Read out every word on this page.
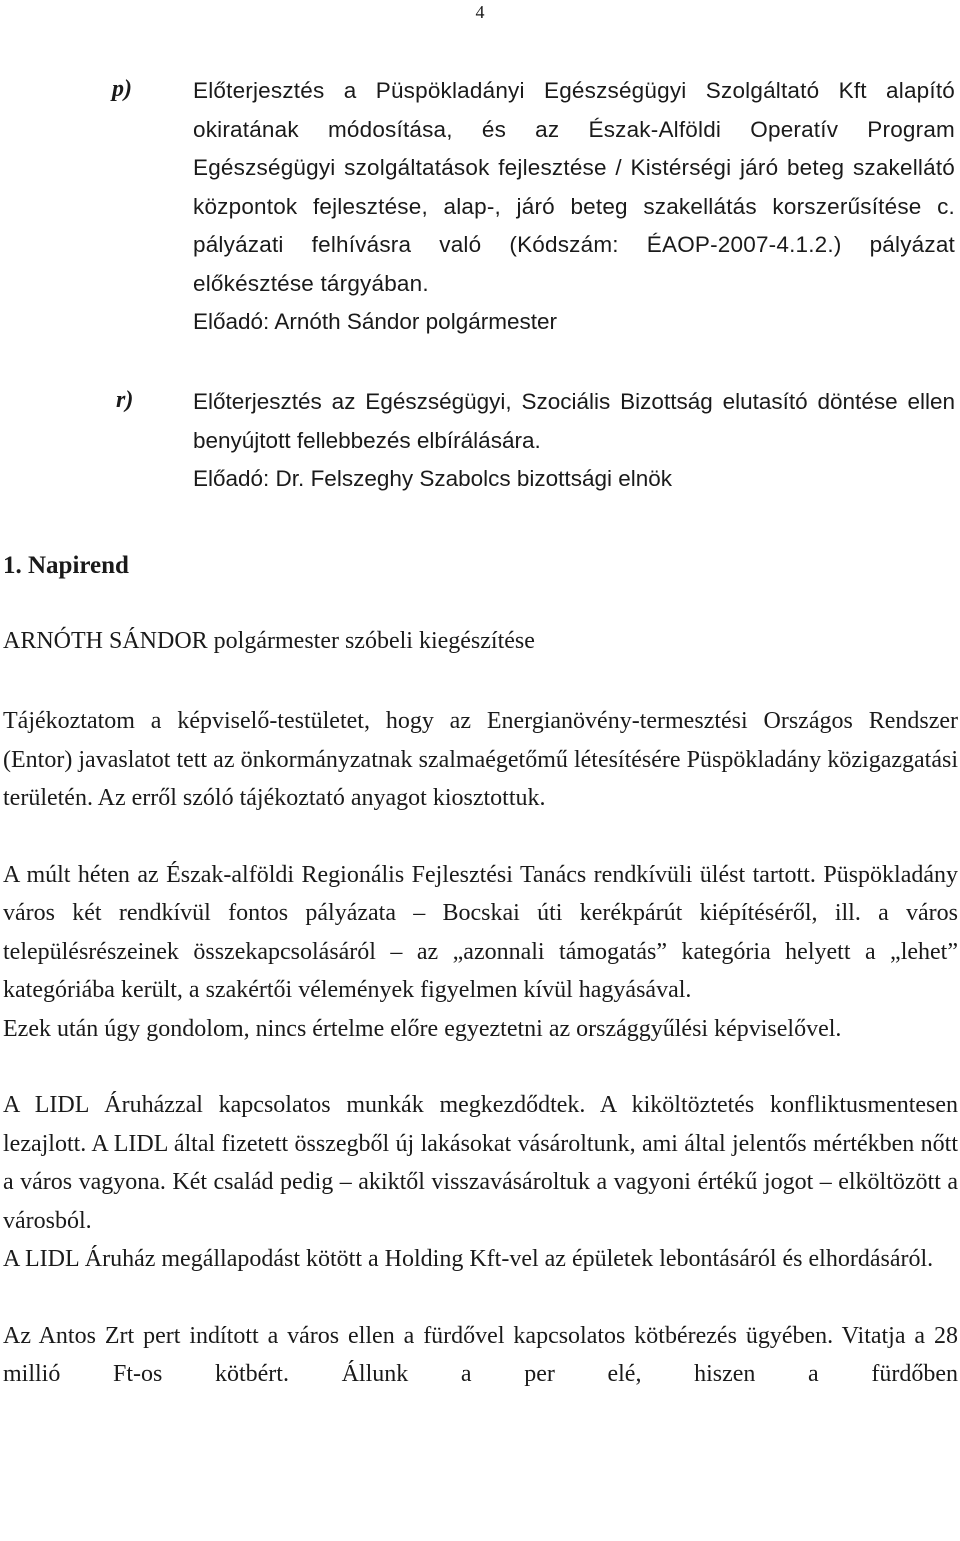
4
p)	Előterjesztés a Püspökladányi Egészségügyi Szolgáltató Kft alapító okiratának módosítása, és az Észak-Alföldi Operatív Program Egészségügyi szolgáltatások fejlesztése / Kistérségi járó beteg szakellátó központok fejlesztése, alap-, járó beteg szakellátás korszerűsítése c. pályázati felhívásra való (Kódszám: ÉAOP-2007-4.1.2.) pályázat előkésztése tárgyában.

Előadó: Arnóth Sándor polgármester

r)	Előterjesztés az Egészségügyi, Szociális Bizottság elutasító döntése ellen benyújtott fellebbezés elbírálására.

Előadó: Dr. Felszeghy Szabolcs bizottsági elnök

1. Napirend

ARNÓTH SÁNDOR polgármester szóbeli kiegészítése

Tájékoztatom a képviselő-testületet, hogy az Energianövény-termesztési Országos Rendszer (Entor) javaslatot tett az önkormányzatnak szalmaégetőmű létesítésére Püspökladány közigazgatási területén. Az erről szóló tájékoztató anyagot kiosztottuk.

A múlt héten az Észak-alföldi Regionális Fejlesztési Tanács rendkívüli ülést tartott. Püspökladány város két rendkívül fontos pályázata – Bocskai úti kerékpárút kiépítéséről, ill. a város településrészeinek összekapcsolásáról – az „azonnali támogatás” kategória helyett a „lehet” kategóriába került, a szakértői vélemények figyelmen kívül hagyásával.

Ezek után úgy gondolom, nincs értelme előre egyeztetni az országgyűlési képviselővel.

A LIDL Áruházzal kapcsolatos munkák megkezdődtek. A kiköltöztetés konfliktusmentesen lezajlott. A LIDL által fizetett összegből új lakásokat vásároltunk, ami által jelentős mértékben nőtt a város vagyona. Két család pedig – akiktől visszavásároltuk a vagyoni értékű jogot – elköltözött a városból.

A LIDL Áruház megállapodást kötött a Holding Kft-vel az épületek lebontásáról és elhordásáról.

Az Antos Zrt pert indított a város ellen a fürdővel kapcsolatos kötbérezés ügyében. Vitatja a 28 millió Ft-os kötbért. Állunk a per elé, hiszen a fürdőben
